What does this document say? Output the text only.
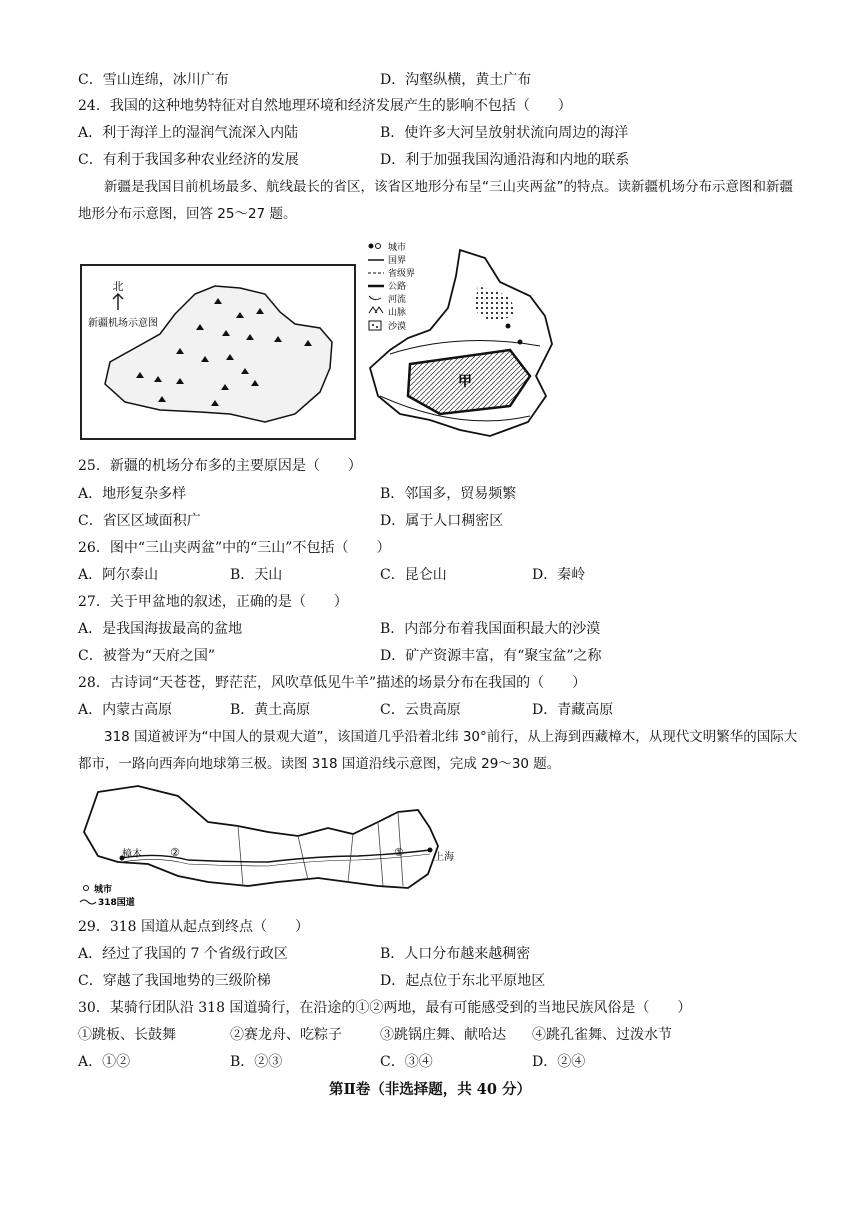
C．雪山连绵，冰川广布	D．沟壑纵横，黄土广布
24．我国的这种地势特征对自然地理环境和经济发展产生的影响不包括（　　）
A．利于海洋上的湿润气流深入内陆	B．使许多大河呈放射状流向周边的海洋
C．有利于我国多种农业经济的发展	D．利于加强我国沟通沿海和内地的联系
新疆是我国目前机场最多、航线最长的省区，该省区地形分布呈“三山夹两盆”的特点。读新疆机场分布示意图和新疆地形分布示意图，回答 25～27 题。
北
新疆机场示意图
城市
国界
省级界
公路
河流
山脉
沙漠
甲
25．新疆的机场分布多的主要原因是（　　）
A．地形复杂多样	B．邻国多，贸易频繁
C．省区区域面积广	D．属于人口稠密区
26．图中“三山夹两盆”中的“三山”不包括（　　）
A．阿尔泰山	B．天山	C．昆仑山	D．秦岭
27．关于甲盆地的叙述，正确的是（　　）
A．是我国海拔最高的盆地	B．内部分布着我国面积最大的沙漠
C．被誉为“天府之国”	D．矿产资源丰富，有“聚宝盆”之称
28．古诗词“天苍苍，野茫茫，风吹草低见牛羊”描述的场景分布在我国的（　　）
A．内蒙古高原	B．黄土高原	C．云贵高原	D．青藏高原
318 国道被评为“中国人的景观大道”，该国道几乎沿着北纬 30°前行，从上海到西藏樟木，从现代文明繁华的国际大都市，一路向西奔向地球第三极。读图 318 国道沿线示意图，完成 29～30 题。
樟木	②	①	上海
城市
318国道
29．318 国道从起点到终点（　　）
A．经过了我国的 7 个省级行政区	B．人口分布越来越稠密
C．穿越了我国地势的三级阶梯	D．起点位于东北平原地区
30．某骑行团队沿 318 国道骑行，在沿途的①②两地，最有可能感受到的当地民族风俗是（　　）
①跳板、长鼓舞	②赛龙舟、吃粽子	③跳锅庄舞、献哈达 ④跳孔雀舞、过泼水节
A．①②	B．②③	C．③④	D．②④
第Ⅱ卷（非选择题，共 40 分）
